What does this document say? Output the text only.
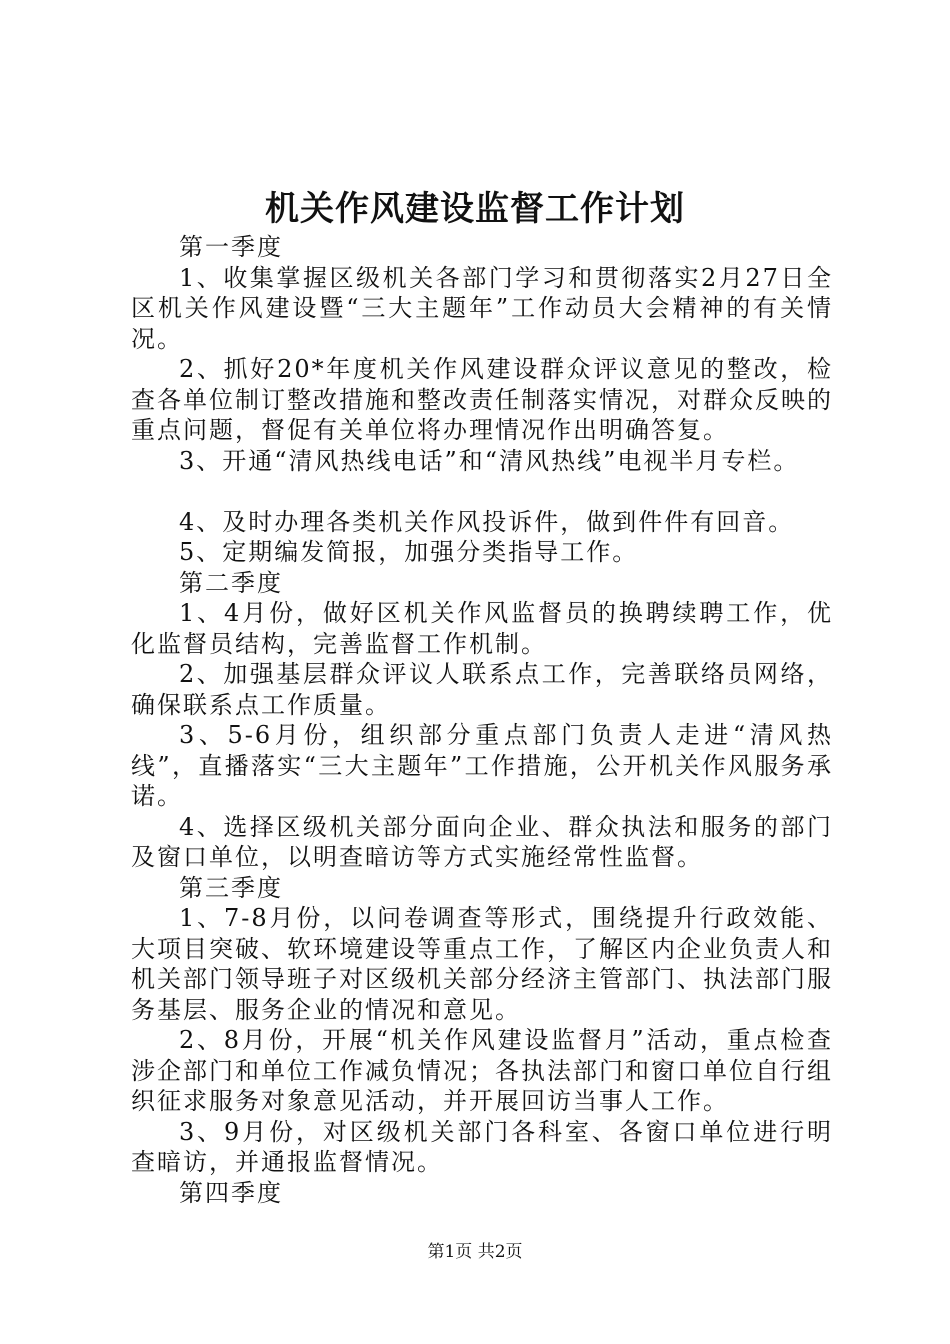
机关作风建设监督工作计划

第一季度

1、收集掌握区级机关各部门学习和贯彻落实2月27日全区机关作风建设暨“三大主题年”工作动员大会精神的有关情况。

2、抓好20*年度机关作风建设群众评议意见的整改，检查各单位制订整改措施和整改责任制落实情况，对群众反映的重点问题，督促有关单位将办理情况作出明确答复。

3、开通“清风热线电话”和“清风热线”电视半月专栏。

4、及时办理各类机关作风投诉件，做到件件有回音。

5、定期编发简报，加强分类指导工作。

第二季度

1、4月份，做好区机关作风监督员的换聘续聘工作，优化监督员结构，完善监督工作机制。

2、加强基层群众评议人联系点工作，完善联络员网络，确保联系点工作质量。

3、5-6月份，组织部分重点部门负责人走进“清风热线”，直播落实“三大主题年”工作措施，公开机关作风服务承诺。

4、选择区级机关部分面向企业、群众执法和服务的部门及窗口单位，以明查暗访等方式实施经常性监督。

第三季度

1、7-8月份，以问卷调查等形式，围绕提升行政效能、大项目突破、软环境建设等重点工作，了解区内企业负责人和机关部门领导班子对区级机关部分经济主管部门、执法部门服务基层、服务企业的情况和意见。

2、8月份，开展“机关作风建设监督月”活动，重点检查涉企部门和单位工作减负情况；各执法部门和窗口单位自行组织征求服务对象意见活动，并开展回访当事人工作。

3、9月份，对区级机关部门各科室、各窗口单位进行明查暗访，并通报监督情况。

第四季度

第1页 共2页
